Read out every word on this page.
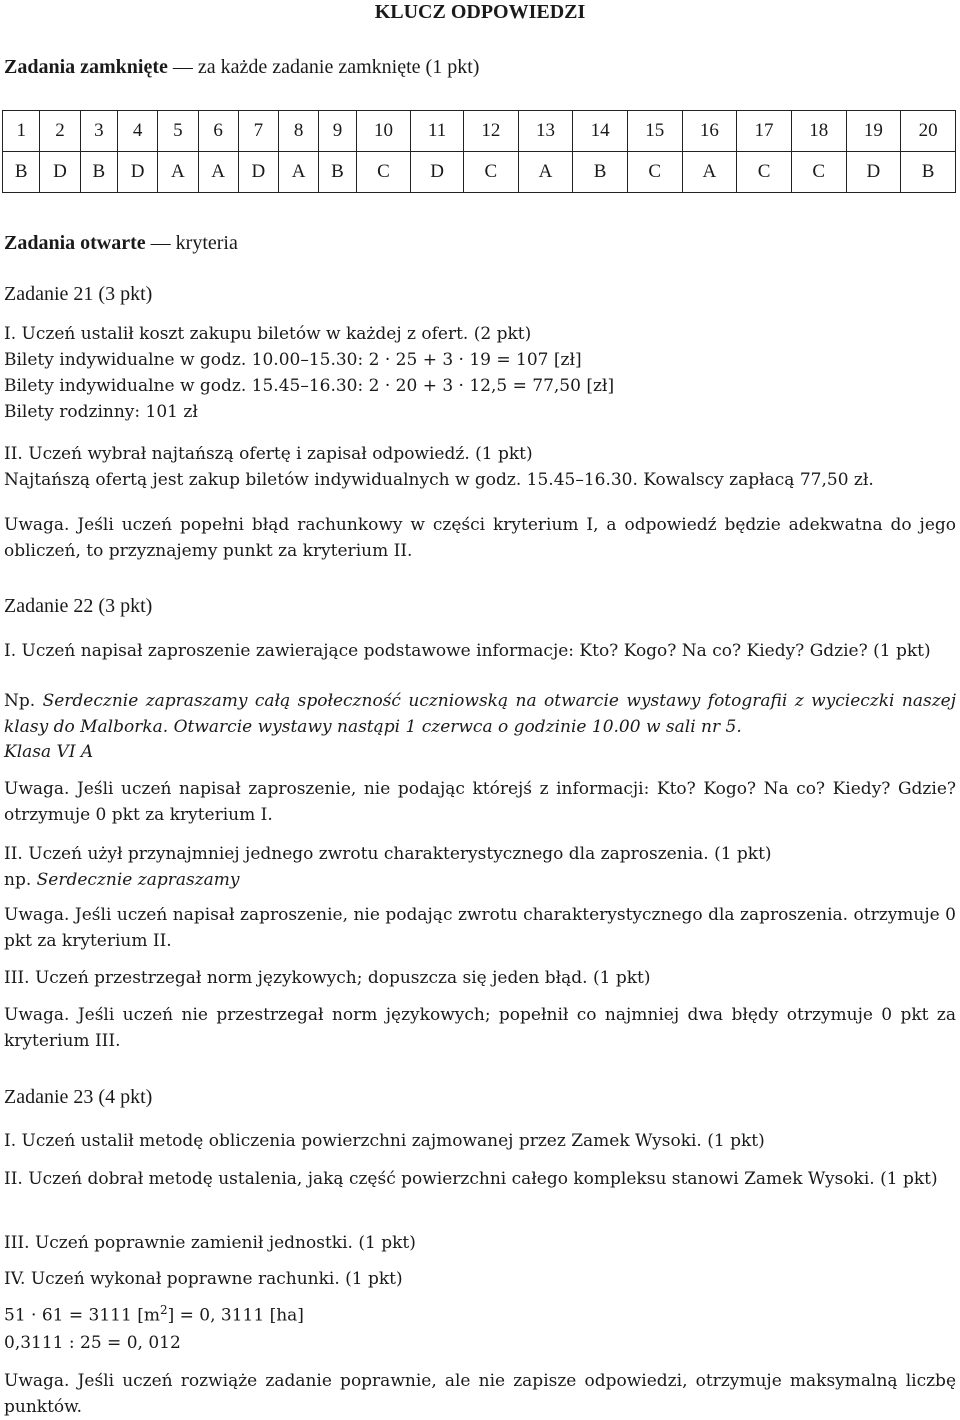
KLUCZ ODPOWIEDZI
Zadania zamknięte — za każde zadanie zamknięte (1 pkt)
1	2	3	4	5	6	7	8	9	10	11	12	13	14	15	16	17	18	19	20
B	D	B	D	A	A	D	A	B	C	D	C	A	B	C	A	C	C	D	B
Zadania otwarte — kryteria
Zadanie 21 (3 pkt)
I. Uczeń ustalił koszt zakupu biletów w każdej z ofert. (2 pkt)
Bilety indywidualne w godz. 10.00–15.30: 2 · 25 + 3 · 19 = 107 [zł]
Bilety indywidualne w godz. 15.45–16.30: 2 · 20 + 3 · 12,5 = 77,50 [zł]
Bilety rodzinny: 101 zł
II. Uczeń wybrał najtańszą ofertę i zapisał odpowiedź. (1 pkt)
Najtańszą ofertą jest zakup biletów indywidualnych w godz. 15.45–16.30. Kowalscy zapłacą 77,50 zł.
Uwaga. Jeśli uczeń popełni błąd rachunkowy w części kryterium I, a odpowiedź będzie adekwatna do jego obliczeń, to przyznajemy punkt za kryterium II.
Zadanie 22 (3 pkt)
I. Uczeń napisał zaproszenie zawierające podstawowe informacje: Kto? Kogo? Na co? Kiedy? Gdzie? (1 pkt)
Np. Serdecznie zapraszamy całą społeczność uczniowską na otwarcie wystawy fotografii z wycieczki naszej klasy do Malborka. Otwarcie wystawy nastąpi 1 czerwca o godzinie 10.00 w sali nr 5.
Klasa VI A
Uwaga. Jeśli uczeń napisał zaproszenie, nie podając którejś z informacji: Kto? Kogo? Na co? Kiedy? Gdzie? otrzymuje 0 pkt za kryterium I.
II. Uczeń użył przynajmniej jednego zwrotu charakterystycznego dla zaproszenia. (1 pkt)
np. Serdecznie zapraszamy
Uwaga. Jeśli uczeń napisał zaproszenie, nie podając zwrotu charakterystycznego dla zaproszenia. otrzymuje 0 pkt za kryterium II.
III. Uczeń przestrzegał norm językowych; dopuszcza się jeden błąd. (1 pkt)
Uwaga. Jeśli uczeń nie przestrzegał norm językowych; popełnił co najmniej dwa błędy otrzymuje 0 pkt za kryterium III.
Zadanie 23 (4 pkt)
I. Uczeń ustalił metodę obliczenia powierzchni zajmowanej przez Zamek Wysoki. (1 pkt)
II. Uczeń dobrał metodę ustalenia, jaką część powierzchni całego kompleksu stanowi Zamek Wysoki. (1 pkt)
III. Uczeń poprawnie zamienił jednostki. (1 pkt)
IV. Uczeń wykonał poprawne rachunki. (1 pkt)
51 · 61 = 3111 $[m^2] = 0$, 3111 [ha]
0,3111 : 25 = 0, 012
Uwaga. Jeśli uczeń rozwiąże zadanie poprawnie, ale nie zapisze odpowiedzi, otrzymuje maksymalną liczbę punktów.
